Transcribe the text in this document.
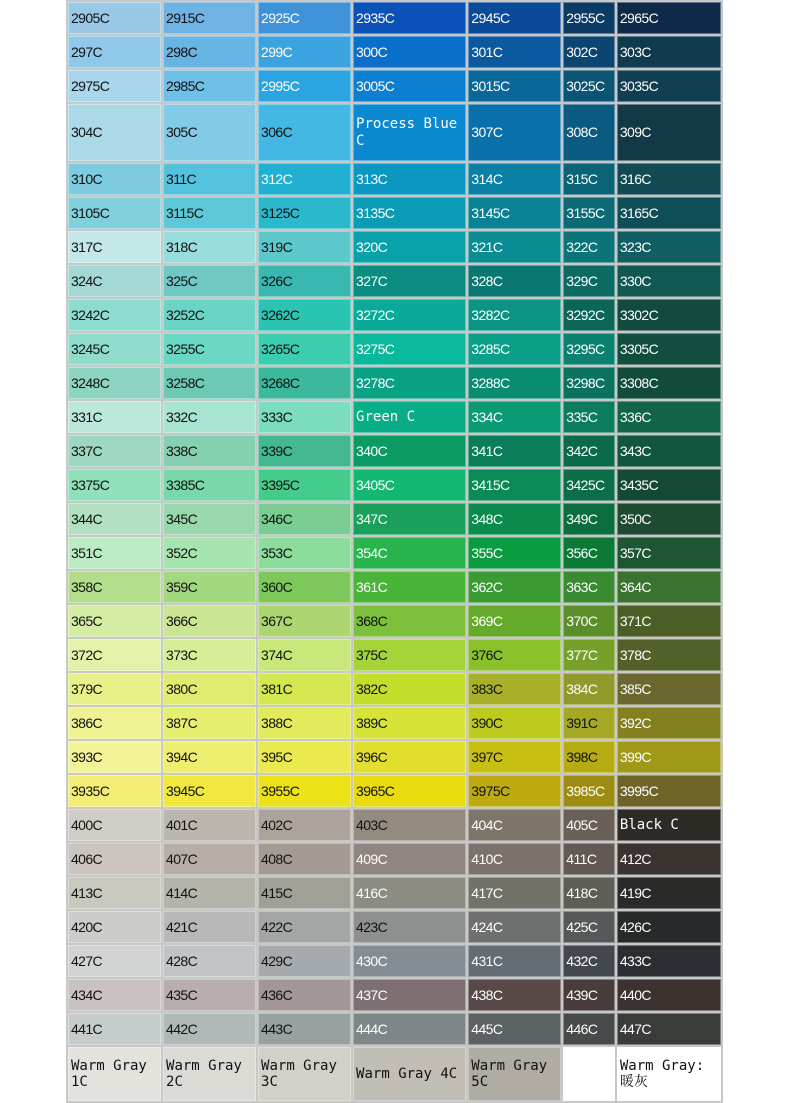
2905C	2915C	2925C	2935C	2945C	2955C	2965C
297C	298C	299C	300C	301C	302C	303C
2975C	2985C	2995C	3005C	3015C	3025C	3035C
304C	305C	306C	Process Blue C	307C	308C	309C
310C	311C	312C	313C	314C	315C	316C
3105C	3115C	3125C	3135C	3145C	3155C	3165C
317C	318C	319C	320C	321C	322C	323C
324C	325C	326C	327C	328C	329C	330C
3242C	3252C	3262C	3272C	3282C	3292C	3302C
3245C	3255C	3265C	3275C	3285C	3295C	3305C
3248C	3258C	3268C	3278C	3288C	3298C	3308C
331C	332C	333C	Green C	334C	335C	336C
337C	338C	339C	340C	341C	342C	343C
3375C	3385C	3395C	3405C	3415C	3425C	3435C
344C	345C	346C	347C	348C	349C	350C
351C	352C	353C	354C	355C	356C	357C
358C	359C	360C	361C	362C	363C	364C
365C	366C	367C	368C	369C	370C	371C
372C	373C	374C	375C	376C	377C	378C
379C	380C	381C	382C	383C	384C	385C
386C	387C	388C	389C	390C	391C	392C
393C	394C	395C	396C	397C	398C	399C
3935C	3945C	3955C	3965C	3975C	3985C	3995C
400C	401C	402C	403C	404C	405C	Black C
406C	407C	408C	409C	410C	411C	412C
413C	414C	415C	416C	417C	418C	419C
420C	421C	422C	423C	424C	425C	426C
427C	428C	429C	430C	431C	432C	433C
434C	435C	436C	437C	438C	439C	440C
441C	442C	443C	444C	445C	446C	447C
Warm Gray 1C	Warm Gray 2C	Warm Gray 3C	Warm Gray 4C	Warm Gray 5C		Warm Gray: 暖灰
